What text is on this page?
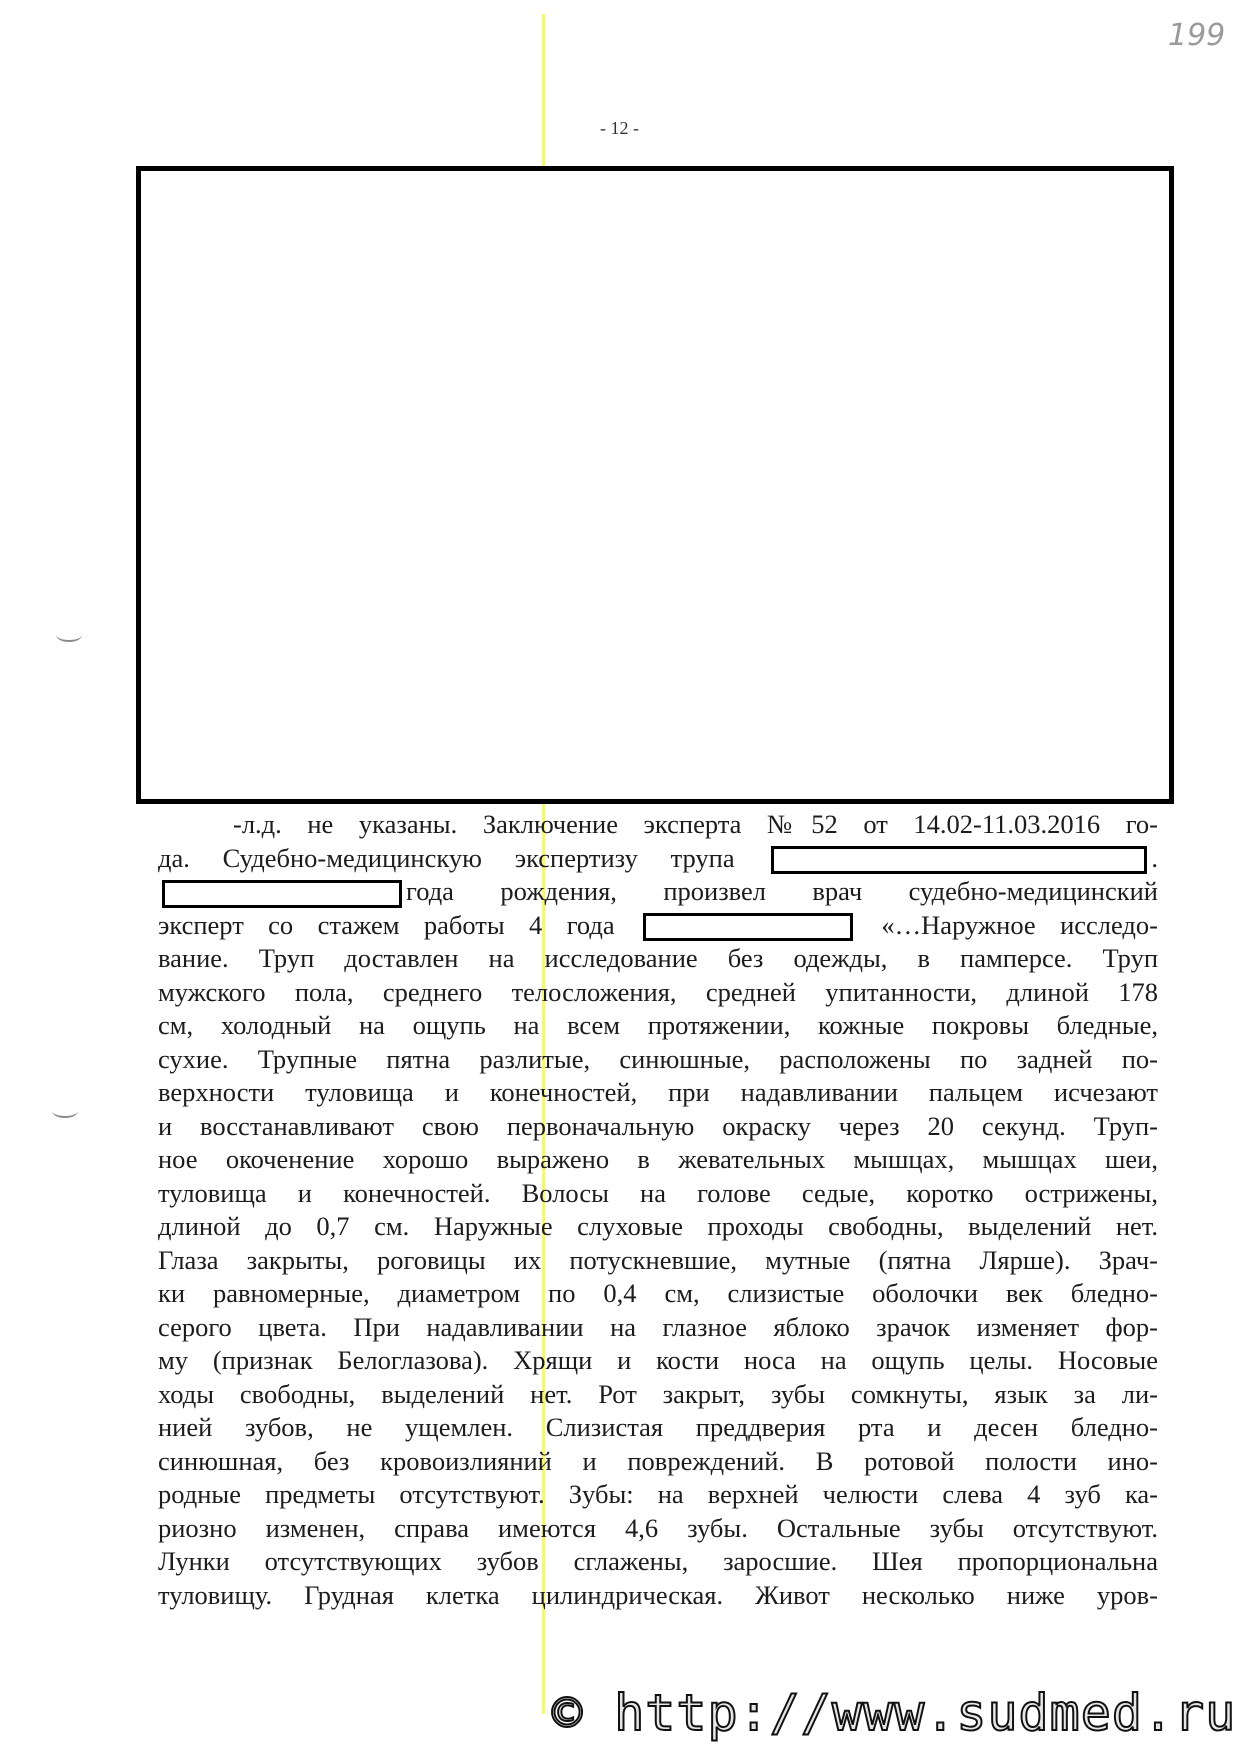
199
- 12 -
-л.д. не указаны. Заключение эксперта №52 от 14.02-11.03.2016 го-
да. Судебно-медицинскую экспертизу трупа	.
года рождения, произвел врач судебно-медицинский
эксперт со стажем работы 4 года	«…Наружное исследо-
вание. Труп доставлен на исследование без одежды, в памперсе. Труп
мужского пола, среднего телосложения, средней упитанности, длиной 178
см, холодный на ощупь на всем протяжении, кожные покровы бледные,
сухие. Трупные пятна разлитые, синюшные, расположены по задней по-
верхности туловища и конечностей, при надавливании пальцем исчезают
и восстанавливают свою первоначальную окраску через 20 секунд. Труп-
ное окоченение хорошо выражено в жевательных мышцах, мышцах шеи,
туловища и конечностей. Волосы на голове седые, коротко острижены,
длиной до 0,7 см. Наружные слуховые проходы свободны, выделений нет.
Глаза закрыты, роговицы их потускневшие, мутные (пятна Лярше). Зрач-
ки равномерные, диаметром по 0,4 см, слизистые оболочки век бледно-
серого цвета. При надавливании на глазное яблоко зрачок изменяет фор-
му (признак Белоглазова). Хрящи и кости носа на ощупь целы. Носовые
ходы свободны, выделений нет. Рот закрыт, зубы сомкнуты, язык за ли-
нией зубов, не ущемлен. Слизистая преддверия рта и десен бледно-
синюшная, без кровоизлияний и повреждений. В ротовой полости ино-
родные предметы отсутствуют. Зубы: на верхней челюсти слева 4 зуб ка-
риозно изменен, справа имеются 4,6 зубы. Остальные зубы отсутствуют.
Лунки отсутствующих зубов сглажены, заросшие. Шея пропорциональна
туловищу. Грудная клетка цилиндрическая. Живот несколько ниже уров-
© http://www.sudmed.ru
